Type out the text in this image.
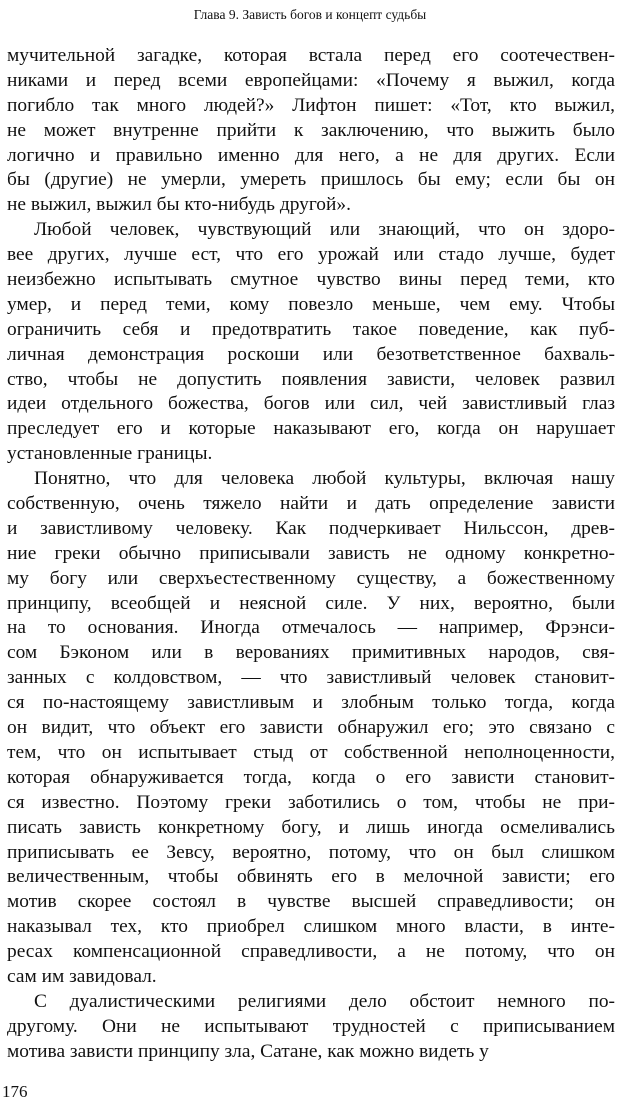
Глава 9. Зависть богов и концепт судьбы
мучительной загадке, которая встала перед его соотечествен-
никами и перед всеми европейцами: «Почему я выжил, когда
погибло так много людей?» Лифтон пишет: «Тот, кто выжил,
не может внутренне прийти к заключению, что выжить было
логично и правильно именно для него, а не для других. Если
бы (другие) не умерли, умереть пришлось бы ему; если бы он
не выжил, выжил бы кто-нибудь другой».
Любой человек, чувствующий или знающий, что он здоро-
вее других, лучше ест, что его урожай или стадо лучше, будет
неизбежно испытывать смутное чувство вины перед теми, кто
умер, и перед теми, кому повезло меньше, чем ему. Чтобы
ограничить себя и предотвратить такое поведение, как пуб-
личная демонстрация роскоши или безответственное бахваль-
ство, чтобы не допустить появления зависти, человек развил
идеи отдельного божества, богов или сил, чей завистливый глаз
преследует его и которые наказывают его, когда он нарушает
установленные границы.
Понятно, что для человека любой культуры, включая нашу
собственную, очень тяжело найти и дать определение зависти
и завистливому человеку. Как подчеркивает Нильссон, древ-
ние греки обычно приписывали зависть не одному конкретно-
му богу или сверхъестественному существу, а божественному
принципу, всеобщей и неясной силе. У них, вероятно, были
на то основания. Иногда отмечалось — например, Фрэнси-
сом Бэконом или в верованиях примитивных народов, свя-
занных с колдовством, — что завистливый человек становит-
ся по-настоящему завистливым и злобным только тогда, когда
он видит, что объект его зависти обнаружил его; это связано с
тем, что он испытывает стыд от собственной неполноценности,
которая обнаруживается тогда, когда о его зависти становит-
ся известно. Поэтому греки заботились о том, чтобы не при-
писать зависть конкретному богу, и лишь иногда осмеливались
приписывать ее Зевсу, вероятно, потому, что он был слишком
величественным, чтобы обвинять его в мелочной зависти; его
мотив скорее состоял в чувстве высшей справедливости; он
наказывал тех, кто приобрел слишком много власти, в инте-
ресах компенсационной справедливости, а не потому, что он
сам им завидовал.
С дуалистическими религиями дело обстоит немного по-
другому. Они не испытывают трудностей с приписыванием
мотива зависти принципу зла, Сатане, как можно видеть у
176
